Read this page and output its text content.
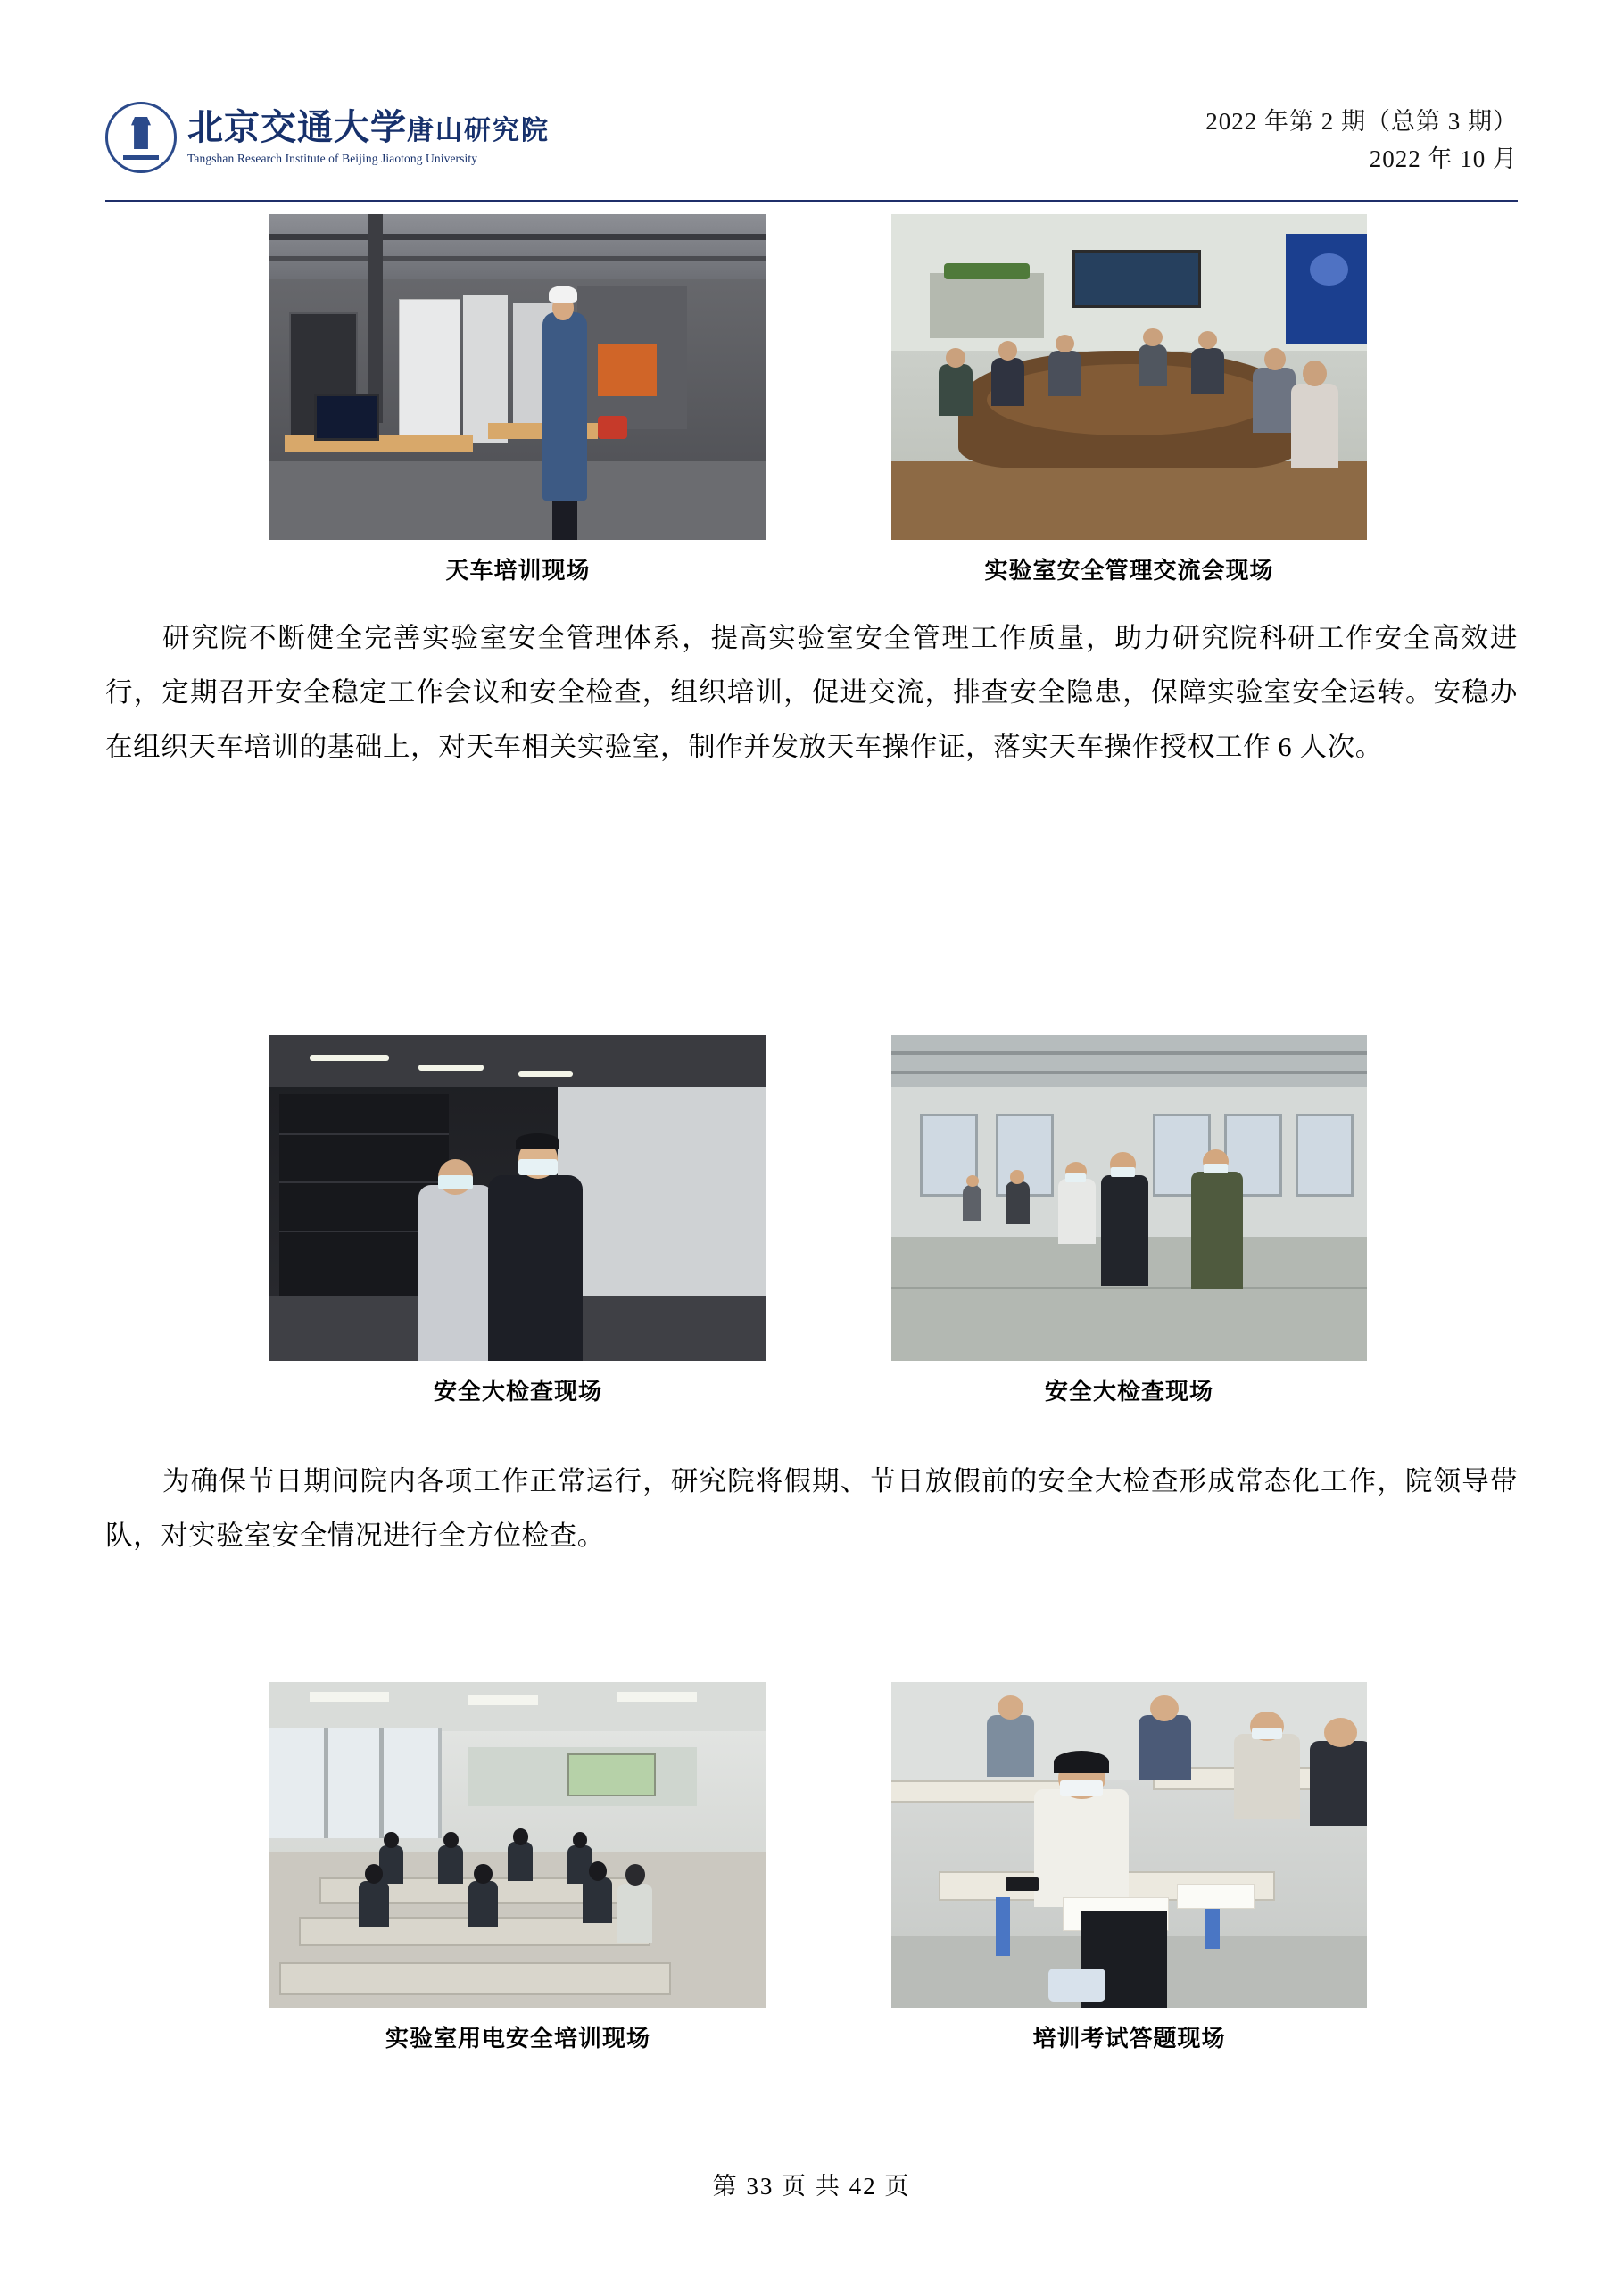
北京交通大学唐山研究院
Tangshan Research Institute of Beijing Jiaotong University
2022 年第 2 期（总第 3 期）
2022 年 10 月
天车培训现场	实验室安全管理交流会现场
研究院不断健全完善实验室安全管理体系，提高实验室安全管理工作质量，助力研究院科研工作安全高效进行，定期召开安全稳定工作会议和安全检查，组织培训，促进交流，排查安全隐患，保障实验室安全运转。安稳办在组织天车培训的基础上，对天车相关实验室，制作并发放天车操作证，落实天车操作授权工作 6 人次。
安全大检查现场	安全大检查现场
为确保节日期间院内各项工作正常运行，研究院将假期、节日放假前的安全大检查形成常态化工作，院领导带队，对实验室安全情况进行全方位检查。
实验室用电安全培训现场	培训考试答题现场
第 33 页 共 42 页
